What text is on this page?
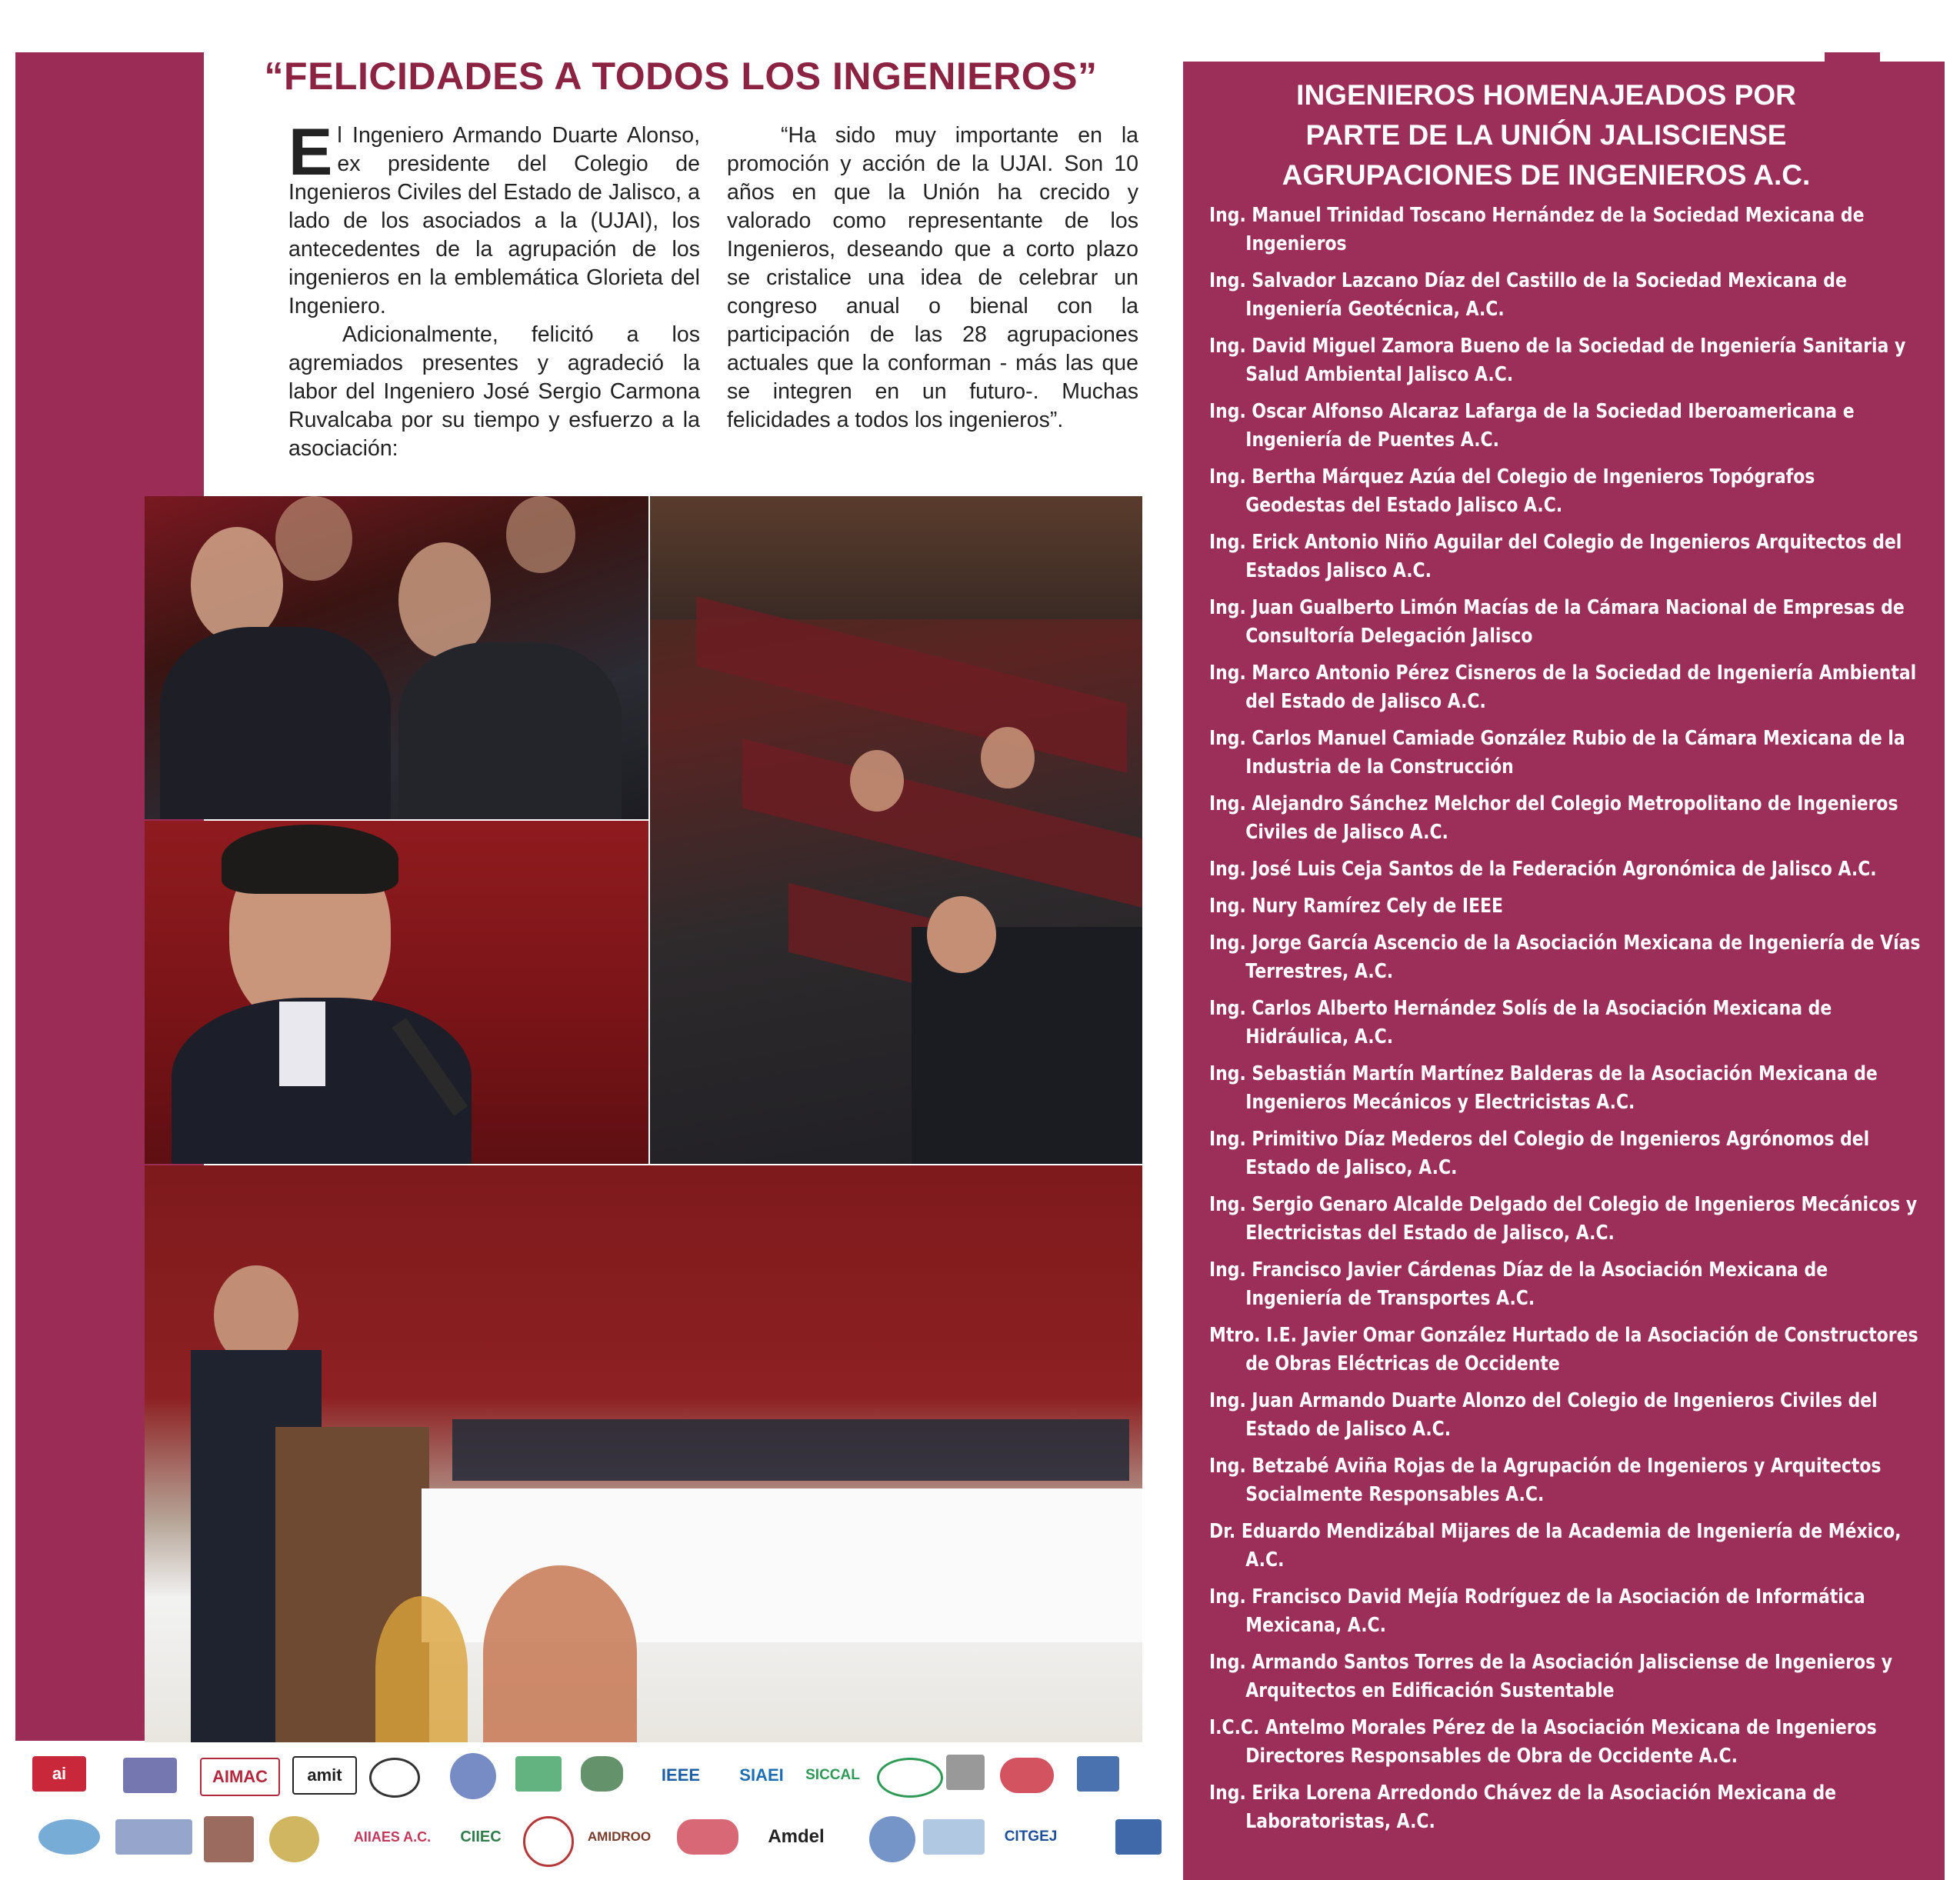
“FELICIDADES A TODOS LOS INGENIEROS”
E l Ingeniero Armando Duarte Alonso, ex presidente del Colegio de Ingenieros Civiles del Estado de Jalisco, a lado de los asociados a la (UJAI), los antecedentes de la agrupación de los ingenieros en la emblemática Glorieta del Ingeniero.

Adicionalmente, felicitó a los agremiados presentes y agradeció la labor del Ingeniero José Sergio Carmona Ruvalcaba por su tiempo y esfuerzo a la asociación:

“Ha sido muy importante en la promoción y acción de la UJAI. Son 10 años en que la Unión ha crecido y valorado como representante de los Ingenieros, deseando que a corto plazo se cristalice una idea de celebrar un congreso anual o bienal con la participación de las 28 agrupaciones actuales que la conforman - más las que se integren en un futuro-. Muchas felicidades a todos los ingenieros”.

ai	AIMAC	amit	IEEE	SIAEI	SICCAL
AIIAES A.C.	CIIEC	AMIDROO	Amdel	CITGEJ
INGENIEROS HOMENAJEADOS POR
PARTE DE LA UNIÓN JALISCIENSE
AGRUPACIONES DE INGENIEROS A.C.
Ing. Manuel Trinidad Toscano Hernández de la Sociedad Mexicana de Ingenieros
Ing. Salvador Lazcano Díaz del Castillo de la Sociedad Mexicana de Ingeniería Geotécnica, A.C.
Ing. David Miguel Zamora Bueno de la Sociedad de Ingeniería Sanitaria y Salud Ambiental Jalisco A.C.
Ing. Oscar Alfonso Alcaraz Lafarga de la Sociedad Iberoamericana e Ingeniería de Puentes A.C.
Ing. Bertha Márquez Azúa del Colegio de Ingenieros Topógrafos Geodestas del Estado Jalisco A.C.
Ing. Erick Antonio Niño Aguilar del Colegio de Ingenieros Arquitectos del Estados Jalisco A.C.
Ing. Juan Gualberto Limón Macías de la Cámara Nacional de Empresas de Consultoría Delegación Jalisco
Ing. Marco Antonio Pérez Cisneros de la Sociedad de Ingeniería Ambiental del Estado de Jalisco A.C.
Ing. Carlos Manuel Camiade González Rubio de la Cámara Mexicana de la Industria de la Construcción
Ing. Alejandro Sánchez Melchor del Colegio Metropolitano de Ingenieros Civiles de Jalisco A.C.
Ing. José Luis Ceja Santos de la Federación Agronómica de Jalisco A.C.
Ing. Nury Ramírez Cely de IEEE
Ing. Jorge García Ascencio de la Asociación Mexicana de Ingeniería de Vías Terrestres, A.C.
Ing. Carlos Alberto Hernández Solís de la Asociación Mexicana de Hidráulica, A.C.
Ing. Sebastián Martín Martínez Balderas de la Asociación Mexicana de Ingenieros Mecánicos y Electricistas A.C.
Ing. Primitivo Díaz Mederos del Colegio de Ingenieros Agrónomos del Estado de Jalisco, A.C.
Ing. Sergio Genaro Alcalde Delgado del Colegio de Ingenieros Mecánicos y Electricistas del Estado de Jalisco, A.C.
Ing. Francisco Javier Cárdenas Díaz de la Asociación Mexicana de Ingeniería de Transportes A.C.
Mtro. I.E. Javier Omar González Hurtado de la Asociación de Constructores de Obras Eléctricas de Occidente
Ing. Juan Armando Duarte Alonzo del Colegio de Ingenieros Civiles del Estado de Jalisco A.C.
Ing. Betzabé Aviña Rojas de la Agrupación de Ingenieros y Arquitectos Socialmente Responsables A.C.
Dr. Eduardo Mendizábal Mijares de la Academia de Ingeniería de México, A.C.
Ing. Francisco David Mejía Rodríguez de la Asociación de Informática Mexicana, A.C.
Ing. Armando Santos Torres de la Asociación Jalisciense de Ingenieros y Arquitectos en Edificación Sustentable
I.C.C. Antelmo Morales Pérez de la Asociación Mexicana de Ingenieros Directores Responsables de Obra de Occidente A.C.
Ing. Erika Lorena Arredondo Chávez de la Asociación Mexicana de Laboratoristas, A.C.
